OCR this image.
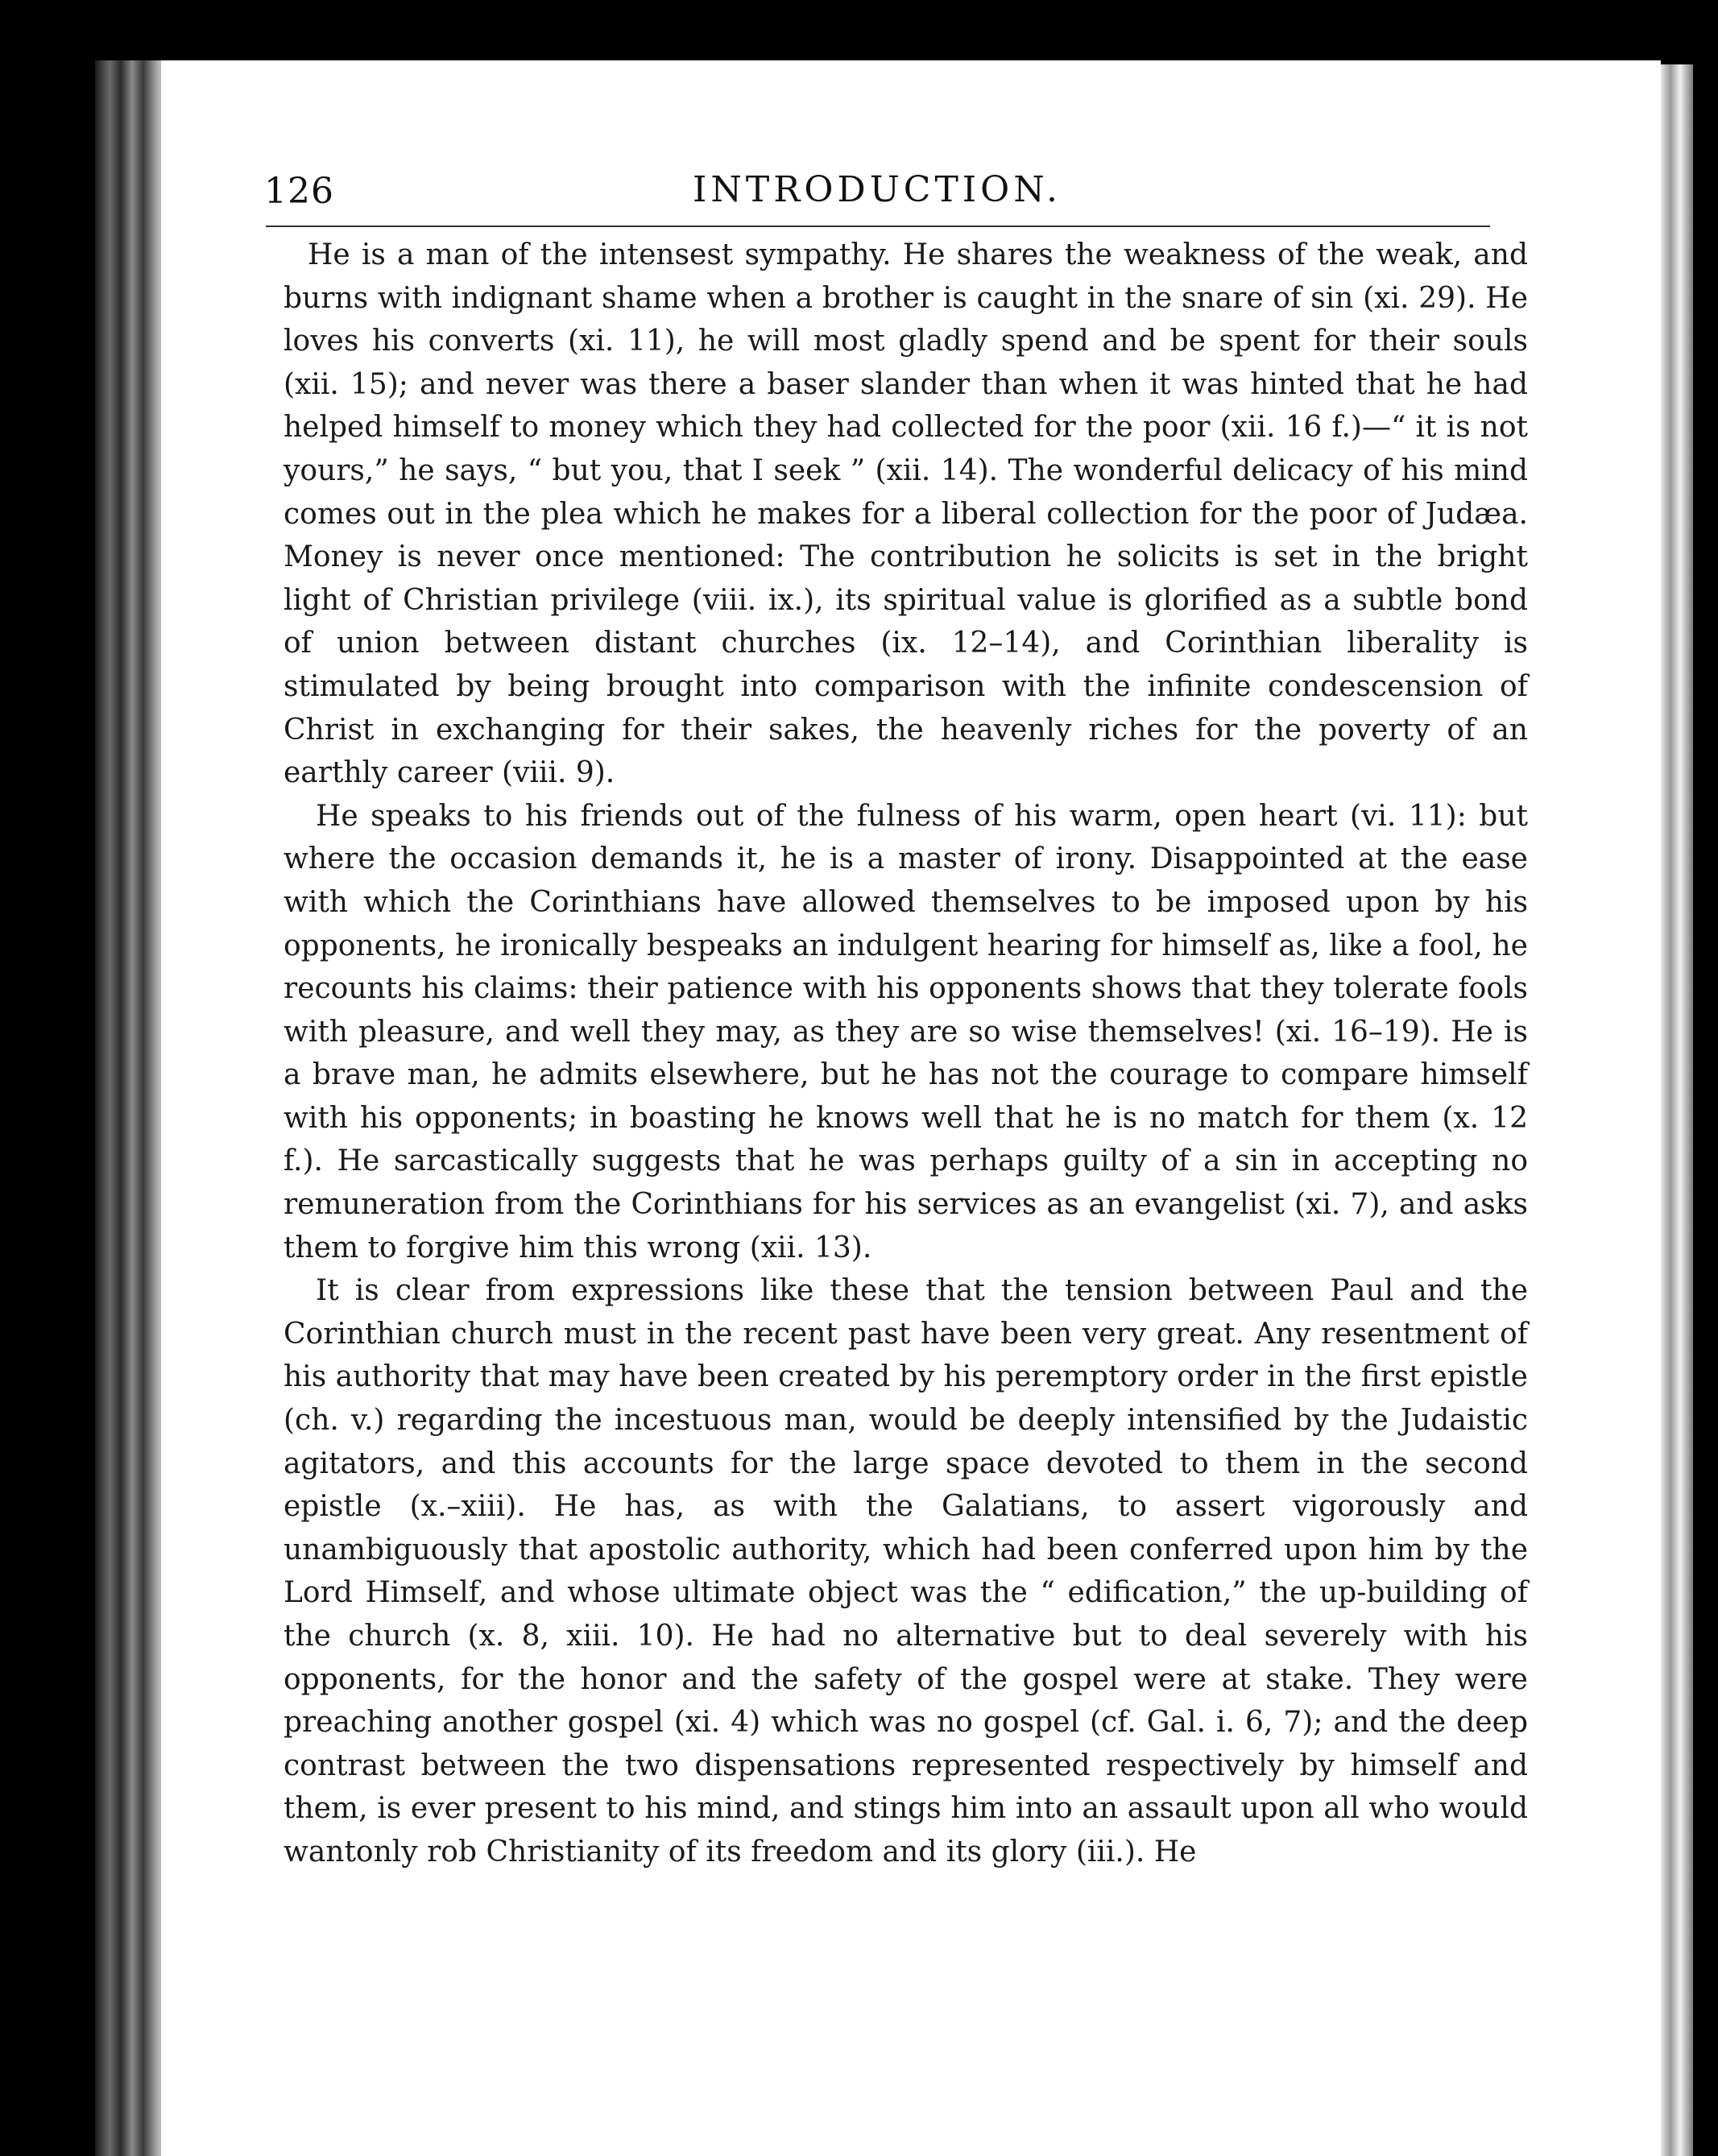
126	INTRODUCTION.

He is a man of the intensest sympathy. He shares the weakness of the weak, and burns with indignant shame when a brother is caught in the snare of sin (xi. 29). He loves his converts (xi. 11), he will most gladly spend and be spent for their souls (xii. 15); and never was there a baser slander than when it was hinted that he had helped himself to money which they had collected for the poor (xii. 16 f.)—“ it is not yours,” he says, “ but you, that I seek ” (xii. 14). The wonderful delicacy of his mind comes out in the plea which he makes for a liberal collection for the poor of Judæa. Money is never once mentioned: The contribution he solicits is set in the bright light of Christian privilege (viii. ix.), its spiritual value is glorified as a subtle bond of union between distant churches (ix. 12–14), and Corinthian liberality is stimulated by being brought into comparison with the infinite condescension of Christ in exchanging for their sakes, the heavenly riches for the poverty of an earthly career (viii. 9).

He speaks to his friends out of the fulness of his warm, open heart (vi. 11): but where the occasion demands it, he is a master of irony. Disappointed at the ease with which the Corinthians have allowed themselves to be imposed upon by his opponents, he ironically bespeaks an indulgent hearing for himself as, like a fool, he recounts his claims: their patience with his opponents shows that they tolerate fools with pleasure, and well they may, as they are so wise themselves! (xi. 16–19). He is a brave man, he admits elsewhere, but he has not the courage to compare himself with his opponents; in boasting he knows well that he is no match for them (x. 12 f.). He sarcastically suggests that he was perhaps guilty of a sin in accepting no remuneration from the Corinthians for his services as an evangelist (xi. 7), and asks them to forgive him this wrong (xii. 13).

It is clear from expressions like these that the tension between Paul and the Corinthian church must in the recent past have been very great. Any resentment of his authority that may have been created by his peremptory order in the first epistle (ch. v.) regarding the incestuous man, would be deeply intensified by the Judaistic agitators, and this accounts for the large space devoted to them in the second epistle (x.–xiii). He has, as with the Galatians, to assert vigorously and unambiguously that apostolic authority, which had been conferred upon him by the Lord Himself, and whose ultimate object was the “ edification,” the up-building of the church (x. 8, xiii. 10). He had no alternative but to deal severely with his opponents, for the honor and the safety of the gospel were at stake. They were preaching another gospel (xi. 4) which was no gospel (cf. Gal. i. 6, 7); and the deep contrast between the two dispensations represented respectively by himself and them, is ever present to his mind, and stings him into an assault upon all who would wantonly rob Christianity of its freedom and its glory (iii.). He
